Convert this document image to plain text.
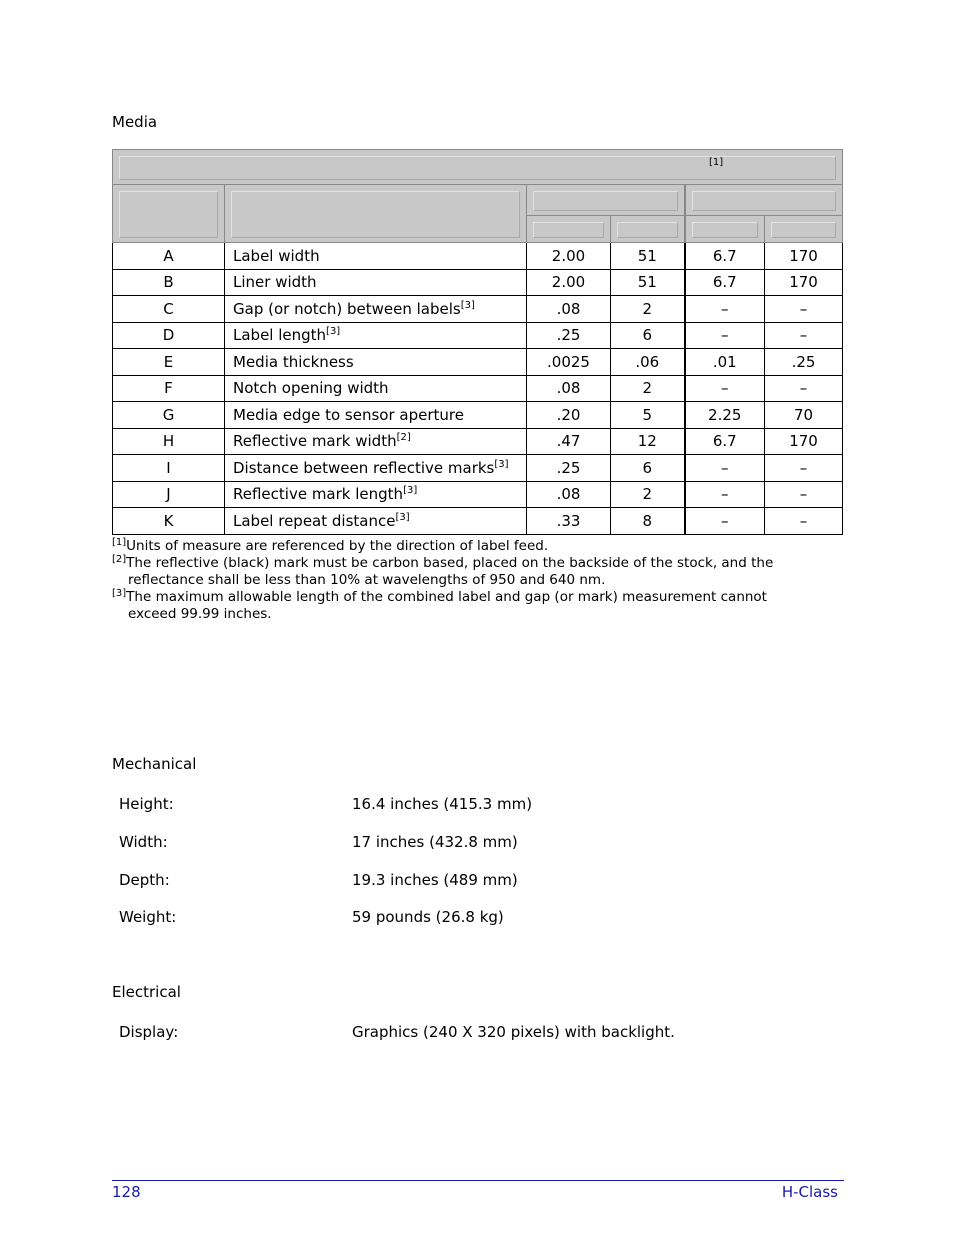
Media
[1]					

A	Label width	2.00	51	6.7	170
B	Liner width	2.00	51	6.7	170
C	Gap (or notch) between labels[3]	.08	2	–	–
D	Label length[3]	.25	6	–	–
E	Media thickness	.0025	.06	.01	.25
F	Notch opening width	.08	2	–	–
G	Media edge to sensor aperture	.20	5	2.25	70
H	Reflective mark width[2]	.47	12	6.7	170
I	Distance between reflective marks[3]	.25	6	–	–
J	Reflective mark length[3]	.08	2	–	–
K	Label repeat distance[3]	.33	8	–	–
[1]Units of measure are referenced by the direction of label feed.
[2]The reflective (black) mark must be carbon based, placed on the backside of the stock, and the
reflectance shall be less than 10% at wavelengths of 950 and 640 nm.
[3]The maximum allowable length of the combined label and gap (or mark) measurement cannot
exceed 99.99 inches.
Mechanical
Height:	16.4 inches (415.3 mm)
Width:	17 inches (432.8 mm)
Depth:	19.3 inches (489 mm)
Weight:	59 pounds (26.8 kg)
Electrical
Display:	Graphics (240 X 320 pixels) with backlight.
128	H-Class
